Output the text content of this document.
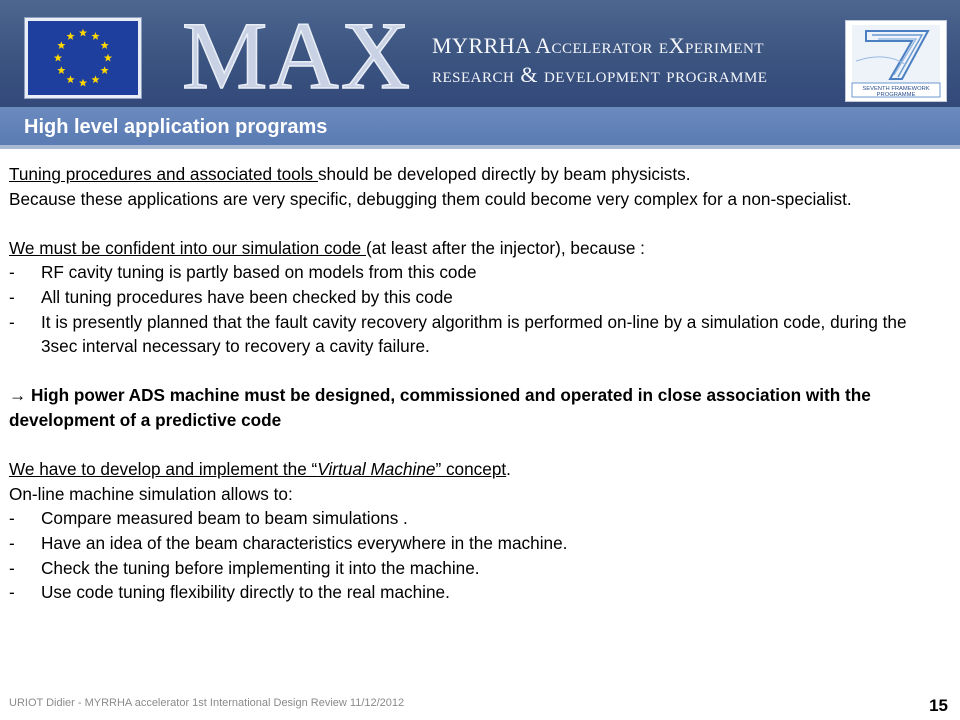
MAX MYRRHA Accelerator eXperiment
research & development programme
SEVENTH FRAMEWORK
PROGRAMME
High level application programs

Tuning procedures and associated tools should be developed directly by beam physicists.

Because these applications are very specific, debugging them could become very complex for a non-specialist.

We must be confident into our simulation code (at least after the injector), because :

- RF cavity tuning is partly based on models from this code
- All tuning procedures have been checked by this code
- It is presently planned that the fault cavity recovery algorithm is performed on-line by a simulation code, during the 3sec interval necessary to recovery a cavity failure.

→ High power ADS machine must be designed, commissioned and operated in close association with the development of a predictive code

We have to develop and implement the “Virtual Machine” concept.

On-line machine simulation allows to:

- Compare measured beam to beam simulations .
- Have an idea of the beam characteristics everywhere in the machine.
- Check the tuning before implementing it into the machine.
- Use code tuning flexibility directly to the real machine.
URIOT Didier - MYRRHA accelerator 1st International Design Review 11/12/2012	15
